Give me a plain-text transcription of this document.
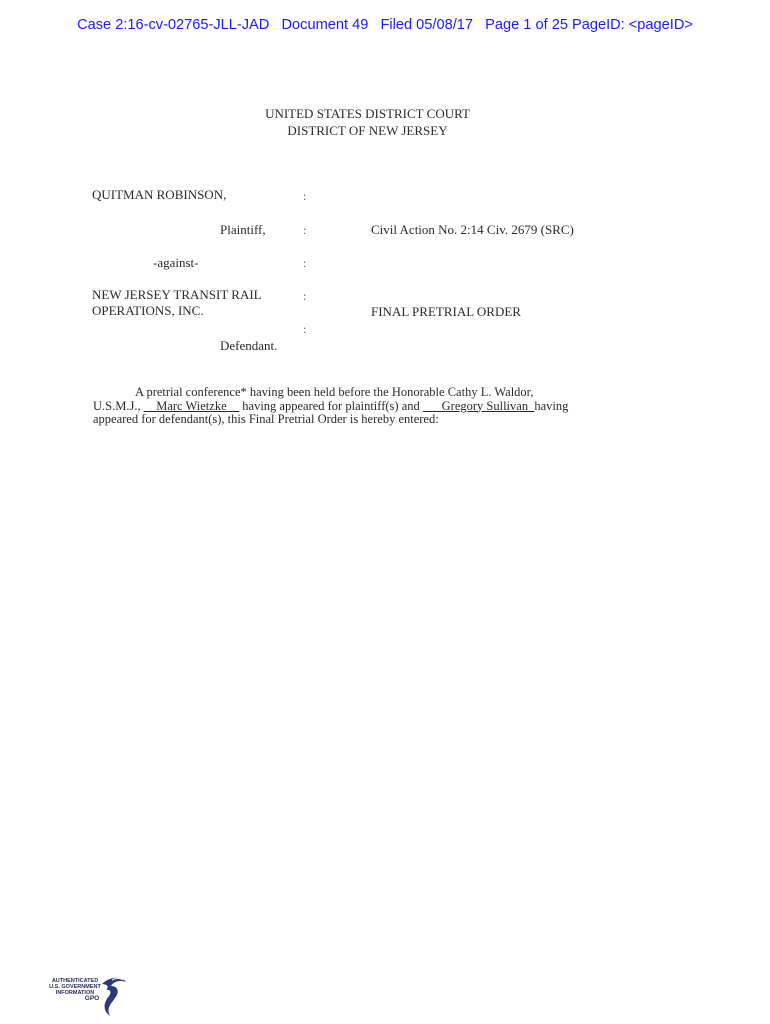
Case 2:16-cv-02765-JLL-JAD Document 49 Filed 05/08/17 Page 1 of 25 PageID: <pageID>
UNITED STATES DISTRICT COURT
DISTRICT OF NEW JERSEY
QUITMAN ROBINSON,
Plaintiff,
-against-
NEW JERSEY TRANSIT RAIL
OPERATIONS, INC.
Defendant.
:
:
:
:
:
Civil Action No. 2:14 Civ. 2679 (SRC)
FINAL PRETRIAL ORDER
A pretrial conference* having been held before the Honorable Cathy L. Waldor,
U.S.M.J., __Marc Wietzke__ having appeared for plaintiff(s) and ___Gregory Sullivan_having
appeared for defendant(s), this Final Pretrial Order is hereby entered:
AUTHENTICATED
U.S. GOVERNMENT
INFORMATION
GPO
